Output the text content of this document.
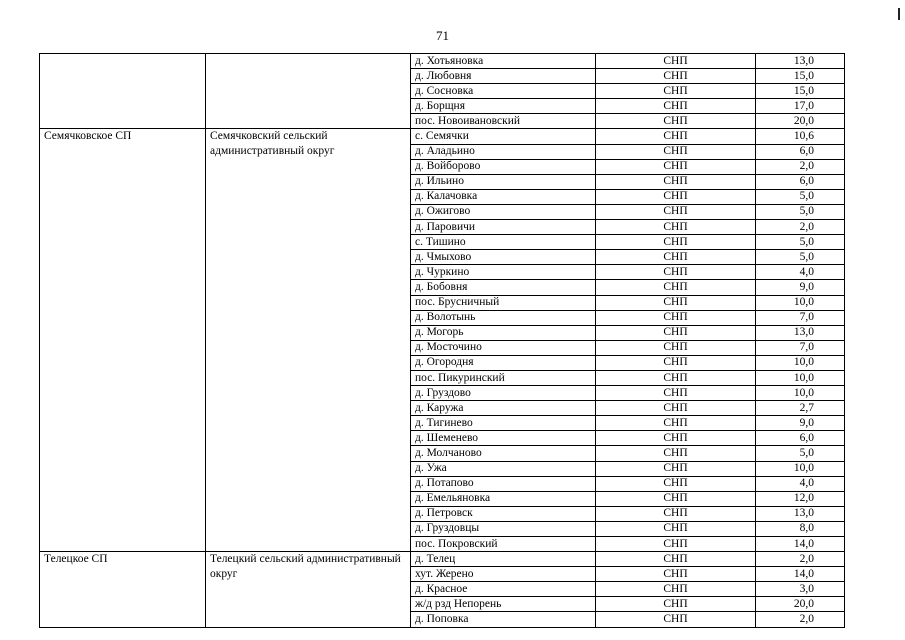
71
		д. Хотьяновка	СНП	13,0
		д. Любовня	СНП	15,0
		д. Сосновка	СНП	15,0
		д. Борщня	СНП	17,0
		пос. Новоивановский	СНП	20,0
Семячковское СП	Семячковский сельский административный округ	с. Семячки	СНП	10,6
		д. Аладьино	СНП	6,0
		д. Войборово	СНП	2,0
		д. Ильино	СНП	6,0
		д. Калачовка	СНП	5,0
		д. Ожигово	СНП	5,0
		д. Паровичи	СНП	2,0
		с. Тишино	СНП	5,0
		д. Чмыхово	СНП	5,0
		д. Чуркино	СНП	4,0
		д. Бобовня	СНП	9,0
		пос. Брусничный	СНП	10,0
		д. Волотынь	СНП	7,0
		д. Могорь	СНП	13,0
		д. Мосточино	СНП	7,0
		д. Огородня	СНП	10,0
		пос. Пикуринский	СНП	10,0
		д. Груздово	СНП	10,0
		д. Каружа	СНП	2,7
		д. Тигинево	СНП	9,0
		д. Шеменево	СНП	6,0
		д. Молчаново	СНП	5,0
		д. Ужа	СНП	10,0
		д. Потапово	СНП	4,0
		д. Емельяновка	СНП	12,0
		д. Петровск	СНП	13,0
		д. Груздовцы	СНП	8,0
		пос. Покровский	СНП	14,0
Телецкое СП	Телецкий сельский административный округ	д. Телец	СНП	2,0
		хут. Жерено	СНП	14,0
		д. Красное	СНП	3,0
		ж/д рзд Непорень	СНП	20,0
		д. Поповка	СНП	2,0
